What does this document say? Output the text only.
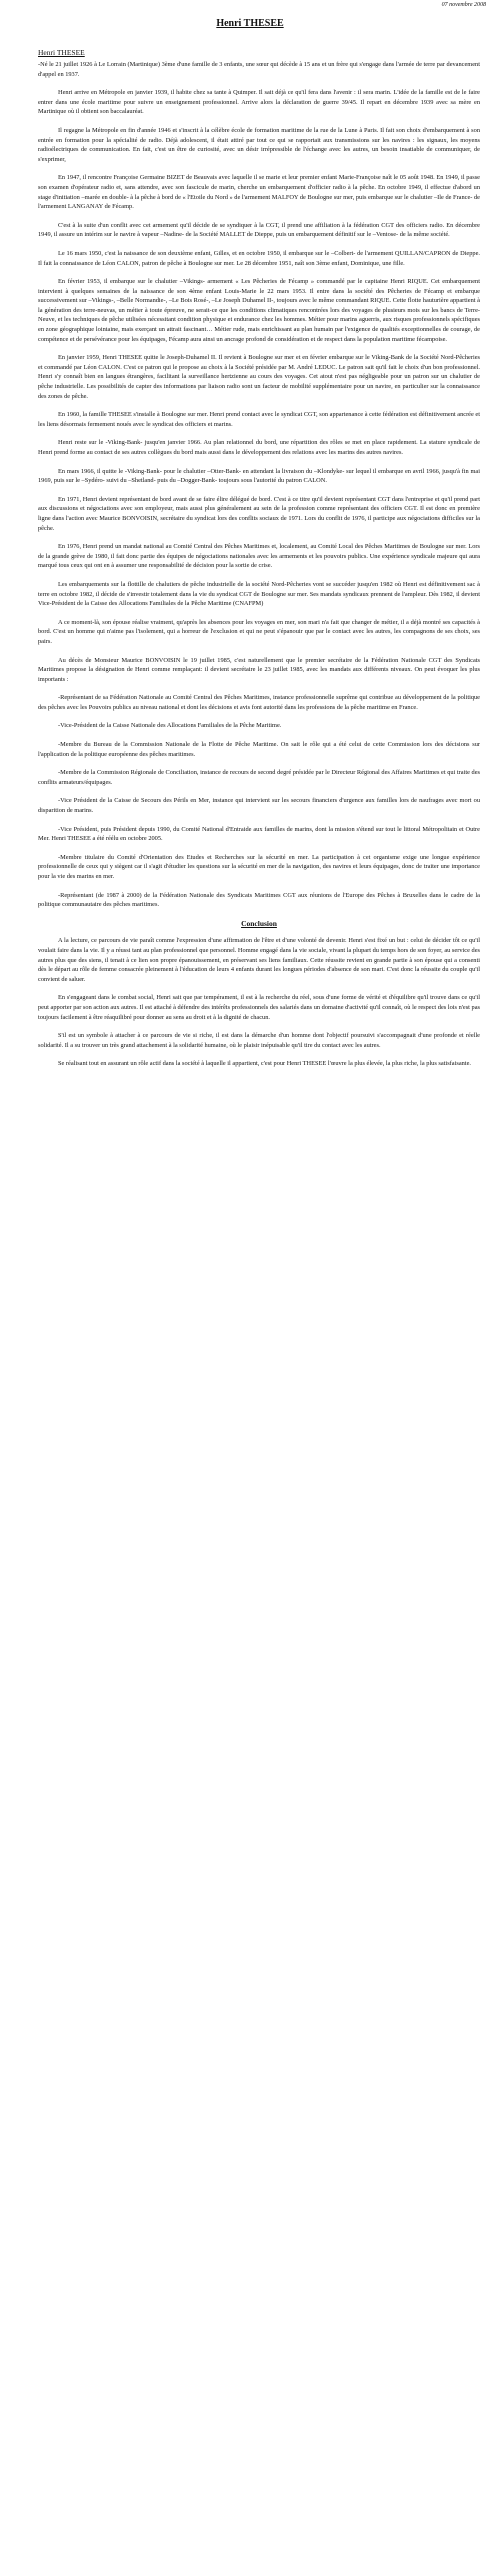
07 novembre 2008
Henri THESEE
Henri THESEE

-Né le 21 juillet 1926 à Le Lorrain (Martinique) 3ème d'une famille de 3 enfants, une sœur qui décède à 15 ans et un frère qui s'engage dans l'armée de terre par devancement d'appel en 1937.

Henri arrive en Métropole en janvier 1939, il habite chez sa tante à Quimper. Il sait déjà ce qu'il fera dans l'avenir : il sera marin. L'idée de la famille est de le faire entrer dans une école maritime pour suivre un enseignement professionnel. Arrive alors la déclaration de guerre 39/45. Il repart en décembre 1939 avec sa mère en Martinique où il obtient son baccalauréat.

Il regagne la Métropole en fin d'année 1946 et s'inscrit à la célèbre école de formation maritime de la rue de la Lune à Paris. Il fait son choix d'embarquement à son entrée en formation pour la spécialité de radio. Déjà adolescent, il était attiré par tout ce qui se rapportait aux transmissions sur les navires : les signaux, les moyens radioélectriques de communication. En fait, c'est un être de curiosité, avec un désir irrépressible de l'échange avec les autres, un besoin insatiable de communiquer, de s'exprimer,

En 1947, il rencontre Françoise Germaine BIZET de Beauvais avec laquelle il se marie et leur premier enfant Marie-Françoise naît le 05 août 1948. En 1949, il passe son examen d'opérateur radio et, sans attendre, avec son fascicule de marin, cherche un embarquement d'officier radio à la pêche. En octobre 1949, il effectue d'abord un stage d'initiation –marée en double- à la pêche à bord de « l'Etoile du Nord » de l'armement MALFOY de Boulogne sur mer, puis embarque sur le chalutier –Ile de France- de l'armement LANGANAY de Fécamp.

C'est à la suite d'un conflit avec cet armement qu'il décide de se syndiquer à la CGT, il prend une affiliation à la fédération CGT des officiers radio. En décembre 1949, il assure un intérim sur le navire à vapeur –Nadine- de la Société MALLET de Dieppe, puis un embarquement définitif sur le –Ventose- de la même société.

Le 16 mars 1950, c'est la naissance de son deuxième enfant, Gilles, et en octobre 1950, il embarque sur le –Colbert- de l'armement QUILLAN/CAPRON de Dieppe. Il fait la connaissance de Léon CALON, patron de pêche à Boulogne sur mer. Le 28 décembre 1951, naît son 3ème enfant, Dominique, une fille.

En février 1953, il embarque sur le chalutier –Vikings- armement « Les Pêcheries de Fécamp » commandé par le capitaine Henri RIQUE. Cet embarquement intervient à quelques semaines de la naissance de son 4ème enfant Louis-Marie le 22 mars 1953. Il entre dans la société des Pêcheries de Fécamp et embarque successivement sur –Vikings-, –Belle Normandie-, –Le Bois Rosé-, –Le Joseph Duhamel II-, toujours avec le même commandant RIQUE. Cette flotte hauturière appartient à la génération des terre-neuvas, un métier à toute épreuve, ne serait-ce que les conditions climatiques rencontrées lors des voyages de plusieurs mois sur les bancs de Terre-Neuve, et les techniques de pêche utilisées nécessitant condition physique et endurance chez les hommes. Métier pour marins aguerris, aux risques professionnels spécifiques en zone géographique lointaine, mais exerçant un attrait fascinant… Métier rude, mais enrichissant au plan humain par l'exigence de qualités exceptionnelles de courage, de compétence et de persévérance pour les équipages, Fécamp aura ainsi un ancrage profond de considération et de respect dans la population maritime fécampoise.

En janvier 1959, Henri THESEE quitte le Joseph-Duhamel II. Il revient à Boulogne sur mer et en février embarque sur le Viking-Bank de la Société Nord-Pêcheries et commandé par Léon CALON. C'est ce patron qui le propose au choix à la Société présidée par M. André LEDUC. Le patron sait qu'il fait le choix d'un bon professionnel. Henri s'y connaît bien en langues étrangères, facilitant la surveillance hertzienne au cours des voyages. Cet atout n'est pas négligeable pour un patron sur un chalutier de pêche industrielle. Les possibilités de capter des informations par liaison radio sont un facteur de mobilité supplémentaire pour un navire, en particulier sur la connaissance des zones de pêche.

En 1960, la famille THESEE s'installe à Boulogne sur mer. Henri prend contact avec le syndicat CGT, son appartenance à cette fédération est définitivement ancrée et les liens désormais fermement noués avec le syndicat des officiers et marins.

Henri reste sur le -Viking-Bank- jusqu'en janvier 1966. Au plan relationnel du bord, une répartition des rôles se met en place rapidement. La stature syndicale de Henri prend forme au contact de ses autres collègues du bord mais aussi dans le développement des relations avec les marins des autres navires.

En mars 1966, il quitte le -Viking-Bank- pour le chalutier –Otter-Bank- en attendant la livraison du –Klondyke- sur lequel il embarque en avril 1966, jusqu'à fin mai 1969, puis sur le –Sydéro- suivi du –Shetland- puis du –Dogger-Bank- toujours sous l'autorité du patron CALON.

En 1971, Henri devient représentant de bord avant de se faire élire délégué de bord. C'est à ce titre qu'il devient représentant CGT dans l'entreprise et qu'il prend part aux discussions et négociations avec son employeur, mais aussi plus généralement au sein de la profession comme représentant des officiers CGT. Il est donc en première ligne dans l'action avec Maurice BONVOISIN, secrétaire du syndicat lors des conflits sociaux de 1971. Lors du conflit de 1976, il participe aux négociations difficiles sur la pêche.

En 1976, Henri prend un mandat national au Comité Central des Pêches Maritimes et, localement, au Comité Local des Pêches Maritimes de Boulogne sur mer. Lors de la grande grève de 1980, il fait donc partie des équipes de négociations nationales avec les armements et les pouvoirs publics. Une expérience syndicale majeure qui aura marqué tous ceux qui ont en à assumer une responsabilité de décision pour la sortie de crise.

Les embarquements sur la flottille de chalutiers de pêche industrielle de la société Nord-Pêcheries vont se succéder jusqu'en 1982 où Henri est définitivement sac à terre en octobre 1982, il décide de s'investir totalement dans la vie du syndicat CGT de Boulogne sur mer. Ses mandats syndicaux prennent de l'ampleur. Dès 1982, il devient Vice-Président de la Caisse des Allocations Familiales de la Pêche Maritime (CNAFPM)

A ce moment-là, son épouse réalise vraiment, qu'après les absences pour les voyages en mer, son mari n'a fait que changer de métier, il a déjà montré ses capacités à bord. C'est un homme qui n'aime pas l'isolement, qui a horreur de l'exclusion et qui ne peut s'épanouir que par le contact avec les autres, les compagnons de ses choix, ses pairs.

Au décès de Monsieur Maurice BONVOISIN le 19 juillet 1985, c'est naturellement que le premier secrétaire de la Fédération Nationale CGT des Syndicats Maritimes propose la désignation de Henri comme remplaçant: il devient secrétaire le 23 juillet 1985, avec les mandats aux différents niveaux. On peut évoquer les plus importants :

-Représentant de sa Fédération Nationale au Comité Central des Pêches Maritimes, instance professionnelle suprême qui contribue au développement de la politique des pêches avec les Pouvoirs publics au niveau national et dont les décisions et avis font autorité dans les professions de la pêche maritime en France.

-Vice-Président de la Caisse Nationale des Allocations Familiales de la Pêche Maritime.

-Membre du Bureau de la Commission Nationale de la Flotte de Pêche Maritime. On sait le rôle qui a été celui de cette Commission lors des décisions sur l'application de la politique européenne des pêches maritimes.

-Membre de la Commission Régionale de Conciliation, instance de recours de second degré présidée par le Directeur Régional des Affaires Maritimes et qui traite des conflits armateurs/équipages.

-Vice Président de la Caisse de Secours des Périls en Mer, instance qui intervient sur les secours financiers d'urgence aux familles lors de naufrages avec mort ou disparition de marins.

-Vice Président, puis Président depuis 1990, du Comité National d'Entraide aux familles de marins, dont la mission s'étend sur tout le littoral Métropolitain et Outre Mer. Henri THESEE a été réélu en octobre 2005.

-Membre titulaire du Comité d'Orientation des Etudes et Recherches sur la sécurité en mer. La participation à cet organisme exige une longue expérience professionnelle de ceux qui y siègent car il s'agit d'étudier les questions sur la sécurité en mer de la navigation, des navires et leurs équipages, donc de traiter une importance pour la vie des marins en mer.

-Représentant (de 1987 à 2000) de la Fédération Nationale des Syndicats Maritimes CGT aux réunions de l'Europe des Pêches à Bruxelles dans le cadre de la politique communautaire des pêches maritimes.

Conclusion

A la lecture, ce parcours de vie paraît comme l'expression d'une affirmation de l'être et d'une volonté de devenir. Henri s'est fixé un but : celui de décider tôt ce qu'il voulait faire dans la vie. Il y a réussi tant au plan professionnel que personnel. Homme engagé dans la vie sociale, vivant la plupart du temps hors de son foyer, au service des autres plus que des siens, il tenait à ce lien son propre épanouissement, en préservant ses liens familiaux. Cette réussite revient en grande partie à son épouse qui a consenti dès le départ au rôle de femme consacrée pleinement à l'éducation de leurs 4 enfants durant les longues périodes d'absence de son mari. C'est donc la réussite du couple qu'il convient de saluer.

En s'engageant dans le combat social, Henri sait que par tempérament, il est à la recherche du réel, sous d'une forme de vérité et d'équilibre qu'il trouve dans ce qu'il peut apporter par son action aux autres. Il est attaché à défendre des intérêts professionnels des salariés dans un domaine d'activité qu'il connaît, où le respect des lois n'est pas toujours facilement à être réaquilibré pour donner au sens au droit et à la dignité de chacun.

S'il est un symbole à attacher à ce parcours de vie si riche, il est dans la démarche d'un homme dont l'objectif poursuivi s'accompagnait d'une profonde et réelle solidarité. Il a su trouver un très grand attachement à la solidarité humaine, où le plaisir inépuisable qu'il tire du contact avec les autres.

Se réalisant tout en assurant un rôle actif dans la société à laquelle il appartient, c'est pour Henri THESEE l'œuvre la plus élevée, la plus riche, la plus satisfaisante.
